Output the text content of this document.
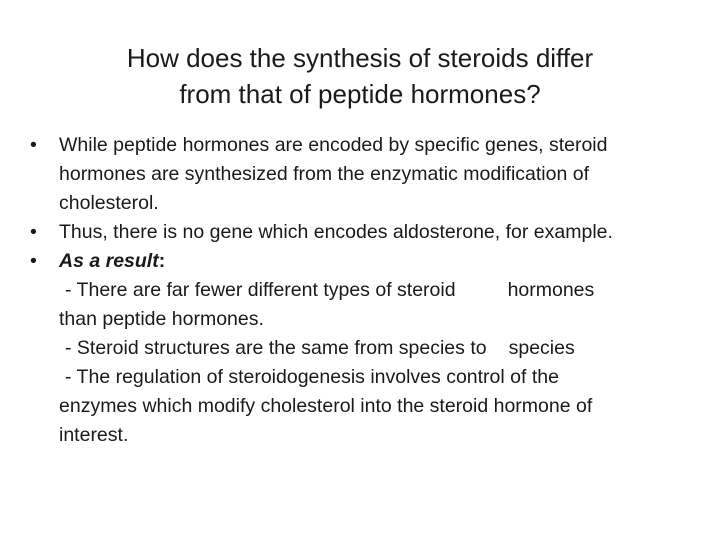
How does the synthesis of steroids differ
from that of peptide hormones?
• While peptide hormones are encoded by specific genes, steroid
hormones are synthesized from the enzymatic modification of
cholesterol.
• Thus, there is no gene which encodes aldosterone, for example.
• As a result:
- There are far fewer different types of steroid	hormones
than peptide hormones.
- Steroid structures are the same from species to species
- The regulation of steroidogenesis involves control of the
enzymes which modify cholesterol into the steroid hormone of
interest.
